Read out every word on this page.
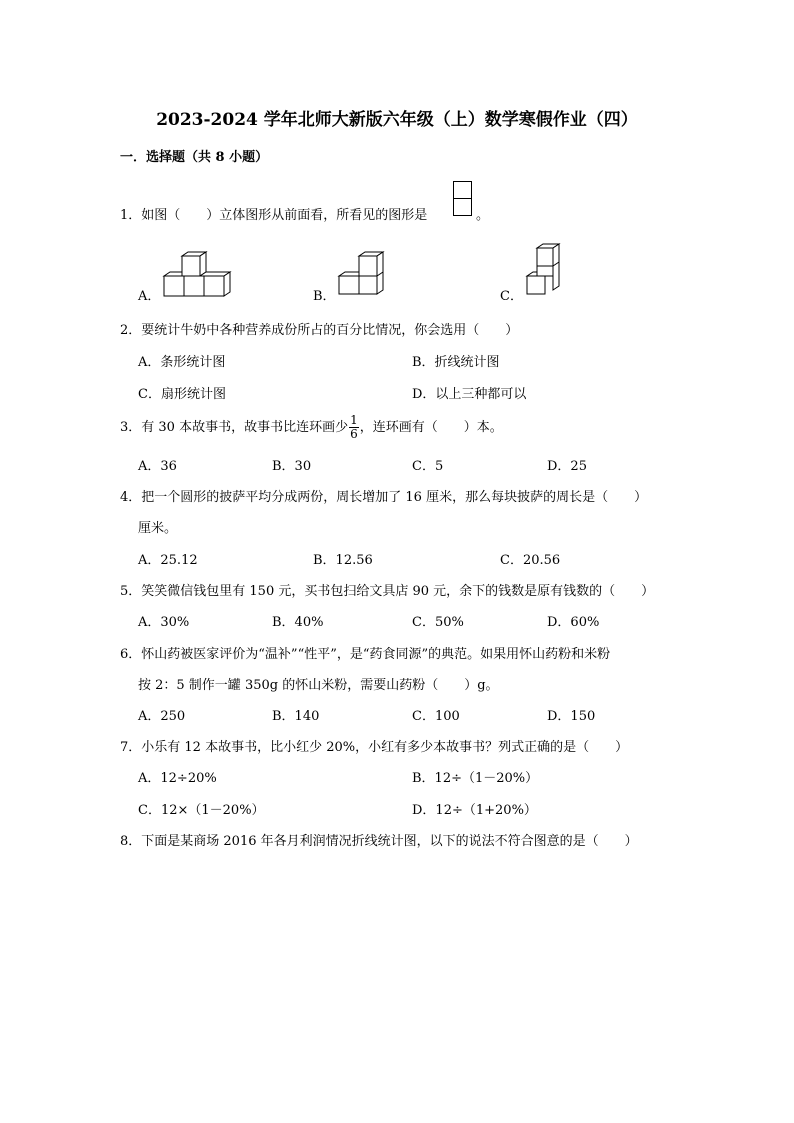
2023-2024 学年北师大新版六年级（上）数学寒假作业（四）
一．选择题（共 8 小题）
1．如图（　　）立体图形从前面看，所看见的图形是	。
A．	B．	C．
2．要统计牛奶中各种营养成份所占的百分比情况，你会选用（　　）
A．条形统计图	B．折线统计图
C．扇形统计图	D．以上三种都可以
3．有 30 本故事书，故事书比连环画少 $\frac{1}{6}$ ，连环画有（　　）本。
A．36	B．30	C．5	D．25
4．把一个圆形的披萨平均分成两份，周长增加了 16 厘米，那么每块披萨的周长是（　　）
厘米。
A．25.12	B．12.56	C．20.56
5．笑笑微信钱包里有 150 元，买书包扫给文具店 90 元，余下的钱数是原有钱数的（　　）
A．30%	B．40%	C．50%	D．60%
6．怀山药被医家评价为“温补”“性平”，是“药食同源”的典范。如果用怀山药粉和米粉
按 2：5 制作一罐 350g 的怀山米粉，需要山药粉（　　）g。
A．250	B．140	C．100	D．150
7．小乐有 12 本故事书，比小红少 20%，小红有多少本故事书？列式正确的是（　　）
A．12÷20%	B．12÷（1－20%）
C．12×（1－20%）	D．12÷（1+20%）
8．下面是某商场 2016 年各月利润情况折线统计图，以下的说法不符合图意的是（　　）
